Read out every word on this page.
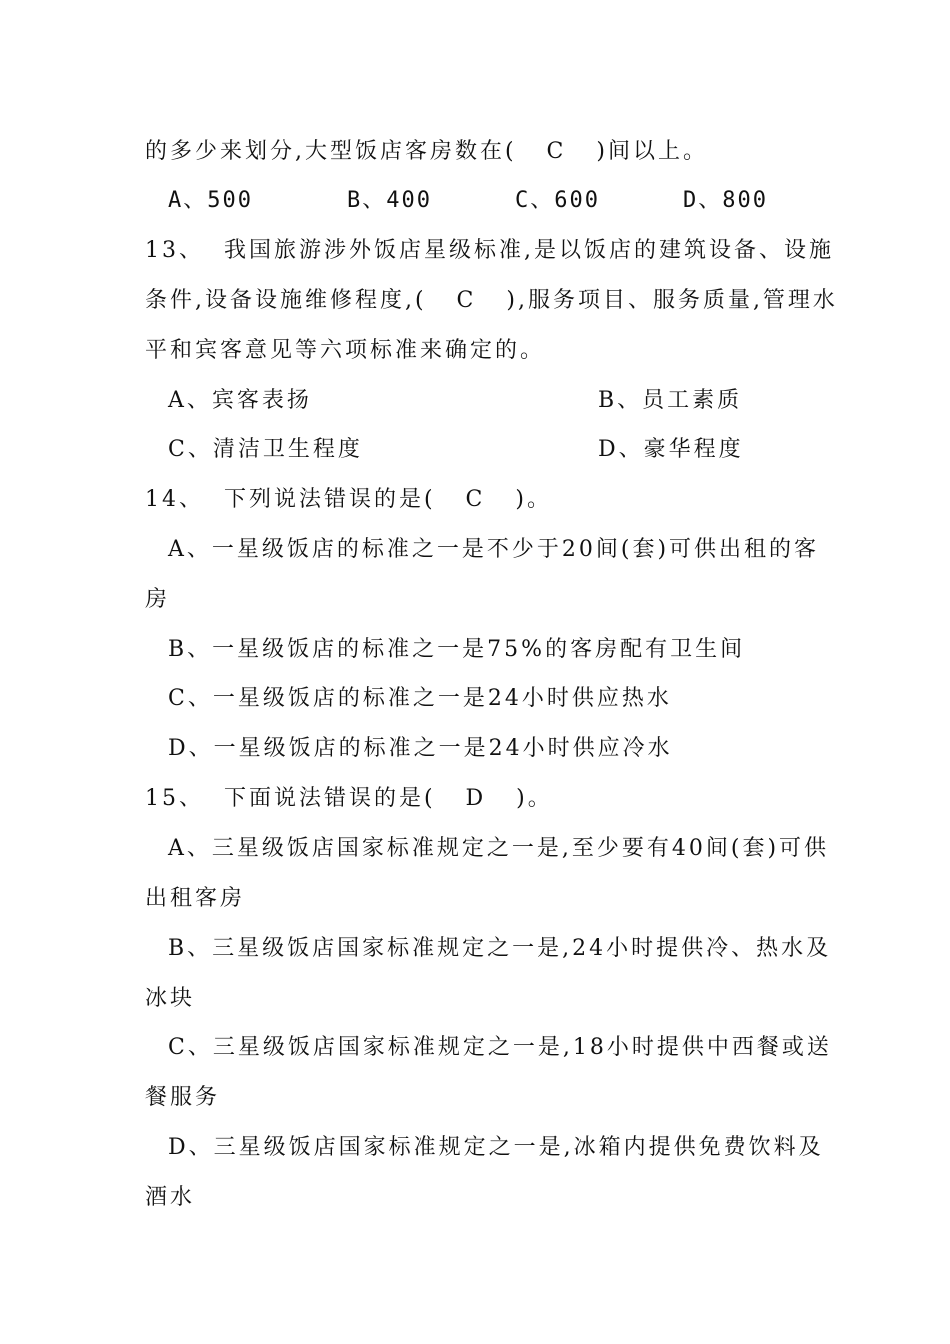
的多少来划分,大型饭店客房数在(   C   )间以上。
A、500	B、400	C、600	D、800
13、  我国旅游涉外饭店星级标准,是以饭店的建筑设备、设施
条件,设备设施维修程度,(   C   ),服务项目、服务质量,管理水
平和宾客意见等六项标准来确定的。
A、宾客表扬	B、员工素质
C、清洁卫生程度	D、豪华程度
14、  下列说法错误的是(   C   )。
A、一星级饭店的标准之一是不少于20间(套)可供出租的客
房
B、一星级饭店的标准之一是75%的客房配有卫生间
C、一星级饭店的标准之一是24小时供应热水
D、一星级饭店的标准之一是24小时供应冷水
15、  下面说法错误的是(   D   )。
A、三星级饭店国家标准规定之一是,至少要有40间(套)可供
出租客房
B、三星级饭店国家标准规定之一是,24小时提供冷、热水及
冰块
C、三星级饭店国家标准规定之一是,18小时提供中西餐或送
餐服务
D、三星级饭店国家标准规定之一是,冰箱内提供免费饮料及
酒水
